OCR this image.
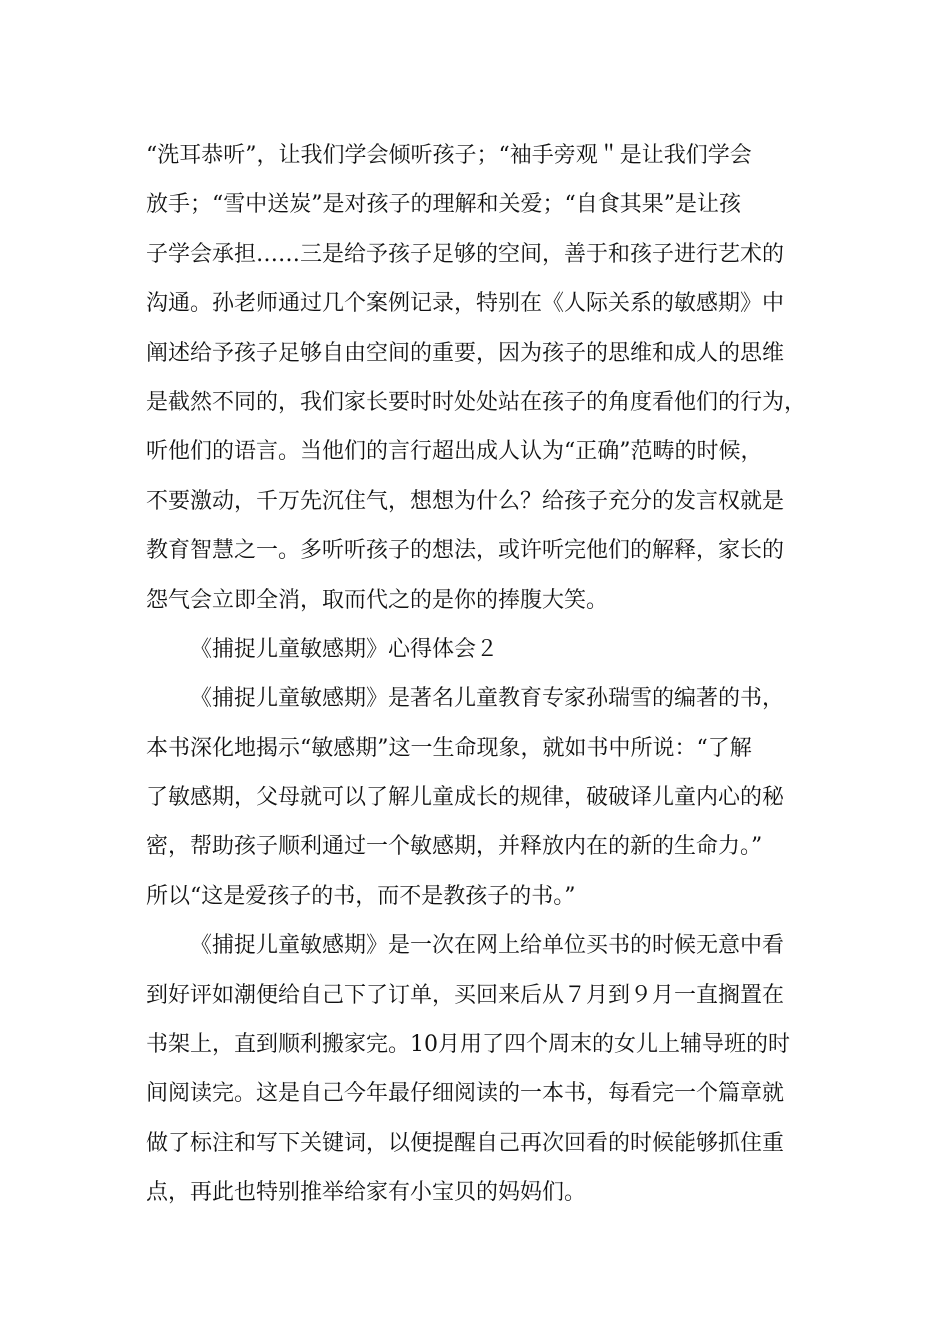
“洗耳恭听”，让我们学会倾听孩子；“袖手旁观＂是让我们学会
放手；“雪中送炭”是对孩子的理解和关爱；“自食其果”是让孩
子学会承担……三是给予孩子足够的空间，善于和孩子进行艺术的
沟通。孙老师通过几个案例记录，特别在《人际关系的敏感期》中
阐述给予孩子足够自由空间的重要，因为孩子的思维和成人的思维
是截然不同的，我们家长要时时处处站在孩子的角度看他们的行为，
听他们的语言。当他们的言行超出成人认为“正确”范畴的时候，
不要激动，千万先沉住气，想想为什么？给孩子充分的发言权就是
教育智慧之一。多听听孩子的想法，或许听完他们的解释，家长的
怨气会立即全消，取而代之的是你的捧腹大笑。
《捕捉儿童敏感期》心得体会２
《捕捉儿童敏感期》是著名儿童教育专家孙瑞雪的编著的书，
本书深化地揭示“敏感期”这一生命现象，就如书中所说：“了解
了敏感期，父母就可以了解儿童成长的规律，破破译儿童内心的秘
密，帮助孩子顺利通过一个敏感期，并释放内在的新的生命力。”
所以“这是爱孩子的书，而不是教孩子的书。”
《捕捉儿童敏感期》是一次在网上给单位买书的时候无意中看
到好评如潮便给自己下了订单，买回来后从７月到９月一直搁置在
书架上，直到顺利搬家完。10月用了四个周末的女儿上辅导班的时
间阅读完。这是自己今年最仔细阅读的一本书，每看完一个篇章就
做了标注和写下关键词，以便提醒自己再次回看的时候能够抓住重
点，再此也特别推举给家有小宝贝的妈妈们。
